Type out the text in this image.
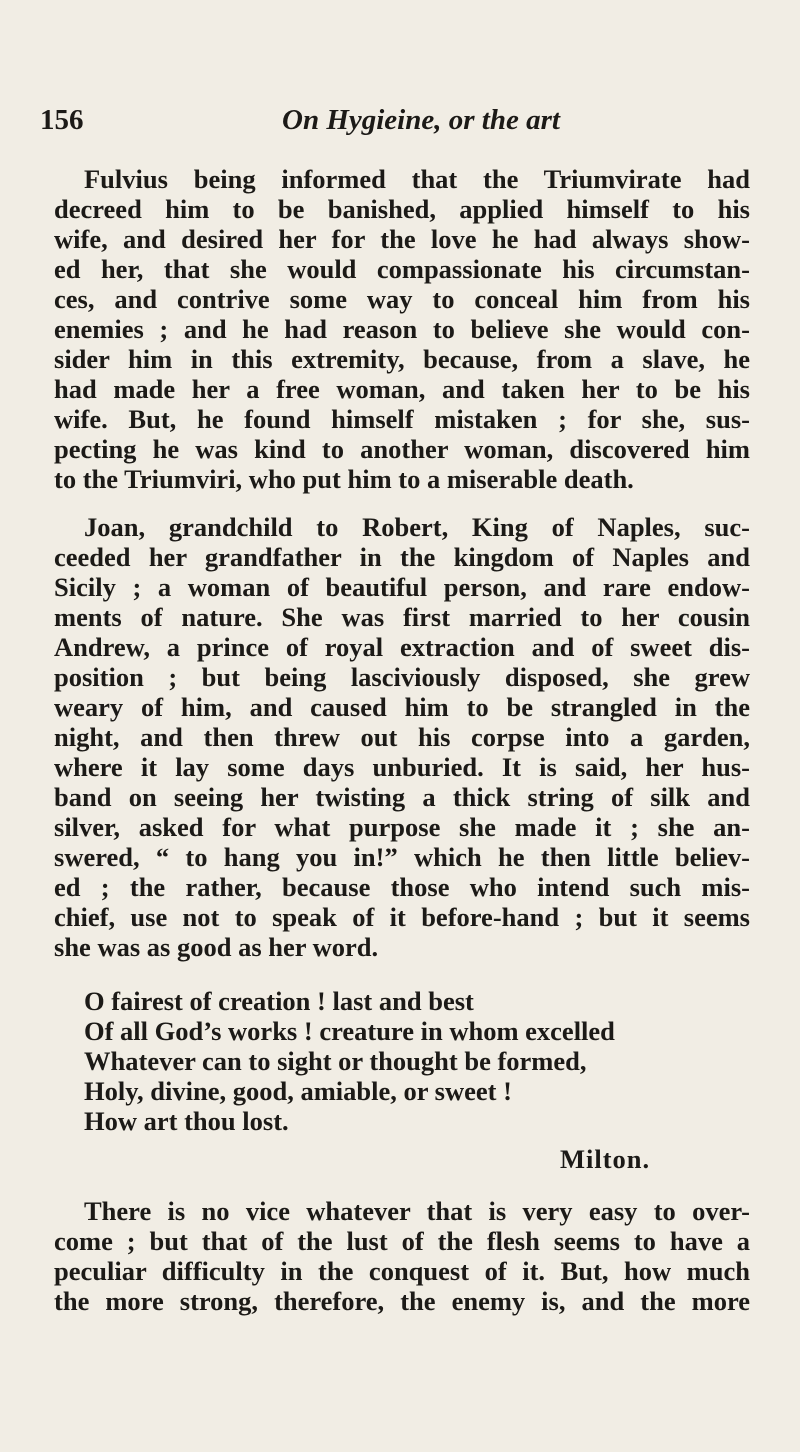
156	On Hygieine, or the art

Fulvius being informed that the Triumvirate had

decreed him to be banished, applied himself to his

wife, and desired her for the love he had always show-

ed her, that she would compassionate his circumstan-

ces, and contrive some way to conceal him from his

enemies ; and he had reason to believe she would con-

sider him in this extremity, because, from a slave, he

had made her a free woman, and taken her to be his

wife. But, he found himself mistaken ; for she, sus-

pecting he was kind to another woman, discovered him

to the Triumviri, who put him to a miserable death.

Joan, grandchild to Robert, King of Naples, suc-

ceeded her grandfather in the kingdom of Naples and

Sicily ; a woman of beautiful person, and rare endow-

ments of nature. She was first married to her cousin

Andrew, a prince of royal extraction and of sweet dis-

position ; but being lasciviously disposed, she grew

weary of him, and caused him to be strangled in the

night, and then threw out his corpse into a garden,

where it lay some days unburied. It is said, her hus-

band on seeing her twisting a thick string of silk and

silver, asked for what purpose she made it ; she an-

swered, “ to hang you in!” which he then little believ-

ed ; the rather, because those who intend such mis-

chief, use not to speak of it before-hand ; but it seems

she was as good as her word.

O fairest of creation ! last and best

Of all God’s works ! creature in whom excelled

Whatever can to sight or thought be formed,

Holy, divine, good, amiable, or sweet !

How art thou lost.

Milton.

There is no vice whatever that is very easy to over-

come ; but that of the lust of the flesh seems to have a

peculiar difficulty in the conquest of it. But, how much

the more strong, therefore, the enemy is, and the more
